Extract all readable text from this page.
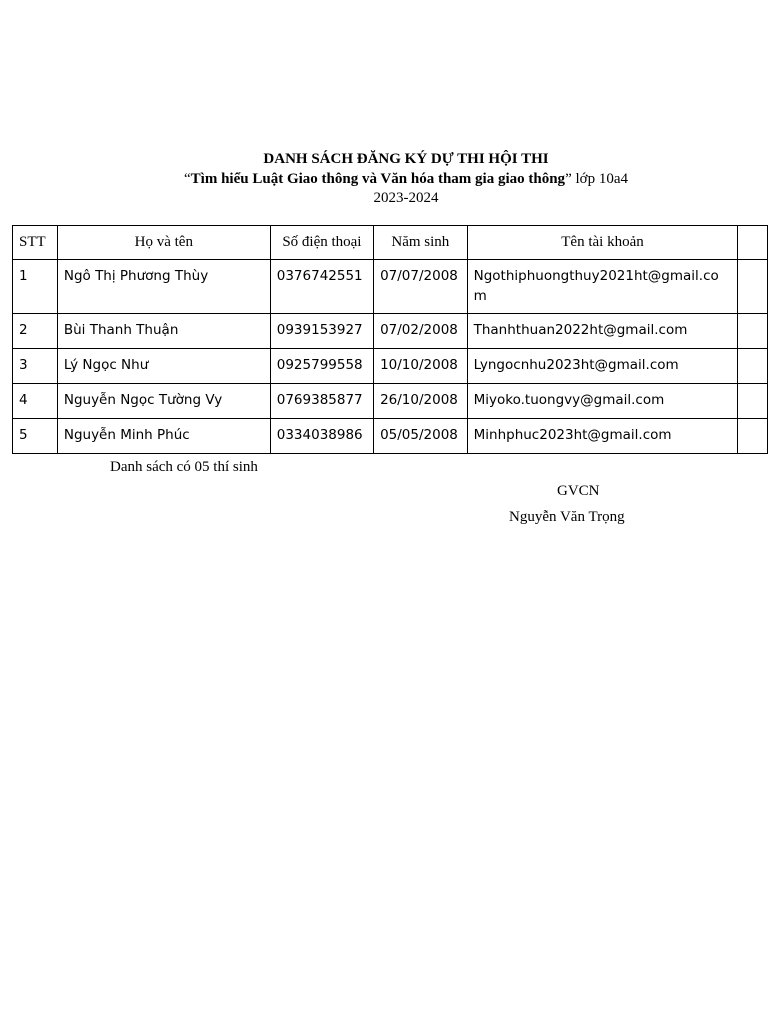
DANH SÁCH ĐĂNG KÝ DỰ THI HỘI THI
“Tìm hiểu Luật Giao thông và Văn hóa tham gia giao thông” lớp 10a4
2023-2024
STT	Họ và tên	Số điện thoại	Năm sinh	Tên tài khoản	
1	Ngô Thị Phương Thùy	0376742551	07/07/2008	Ngothiphuongthuy2021ht@gmail.com	
2	Bùi Thanh Thuận	0939153927	07/02/2008	Thanhthuan2022ht@gmail.com	
3	Lý Ngọc Như	0925799558	10/10/2008	Lyngocnhu2023ht@gmail.com	
4	Nguyễn Ngọc Tường Vy	0769385877	26/10/2008	Miyoko.tuongvy@gmail.com	
5	Nguyễn Minh Phúc	0334038986	05/05/2008	Minhphuc2023ht@gmail.com	
Danh sách có 05 thí sinh
GVCN
Nguyễn Văn Trọng
